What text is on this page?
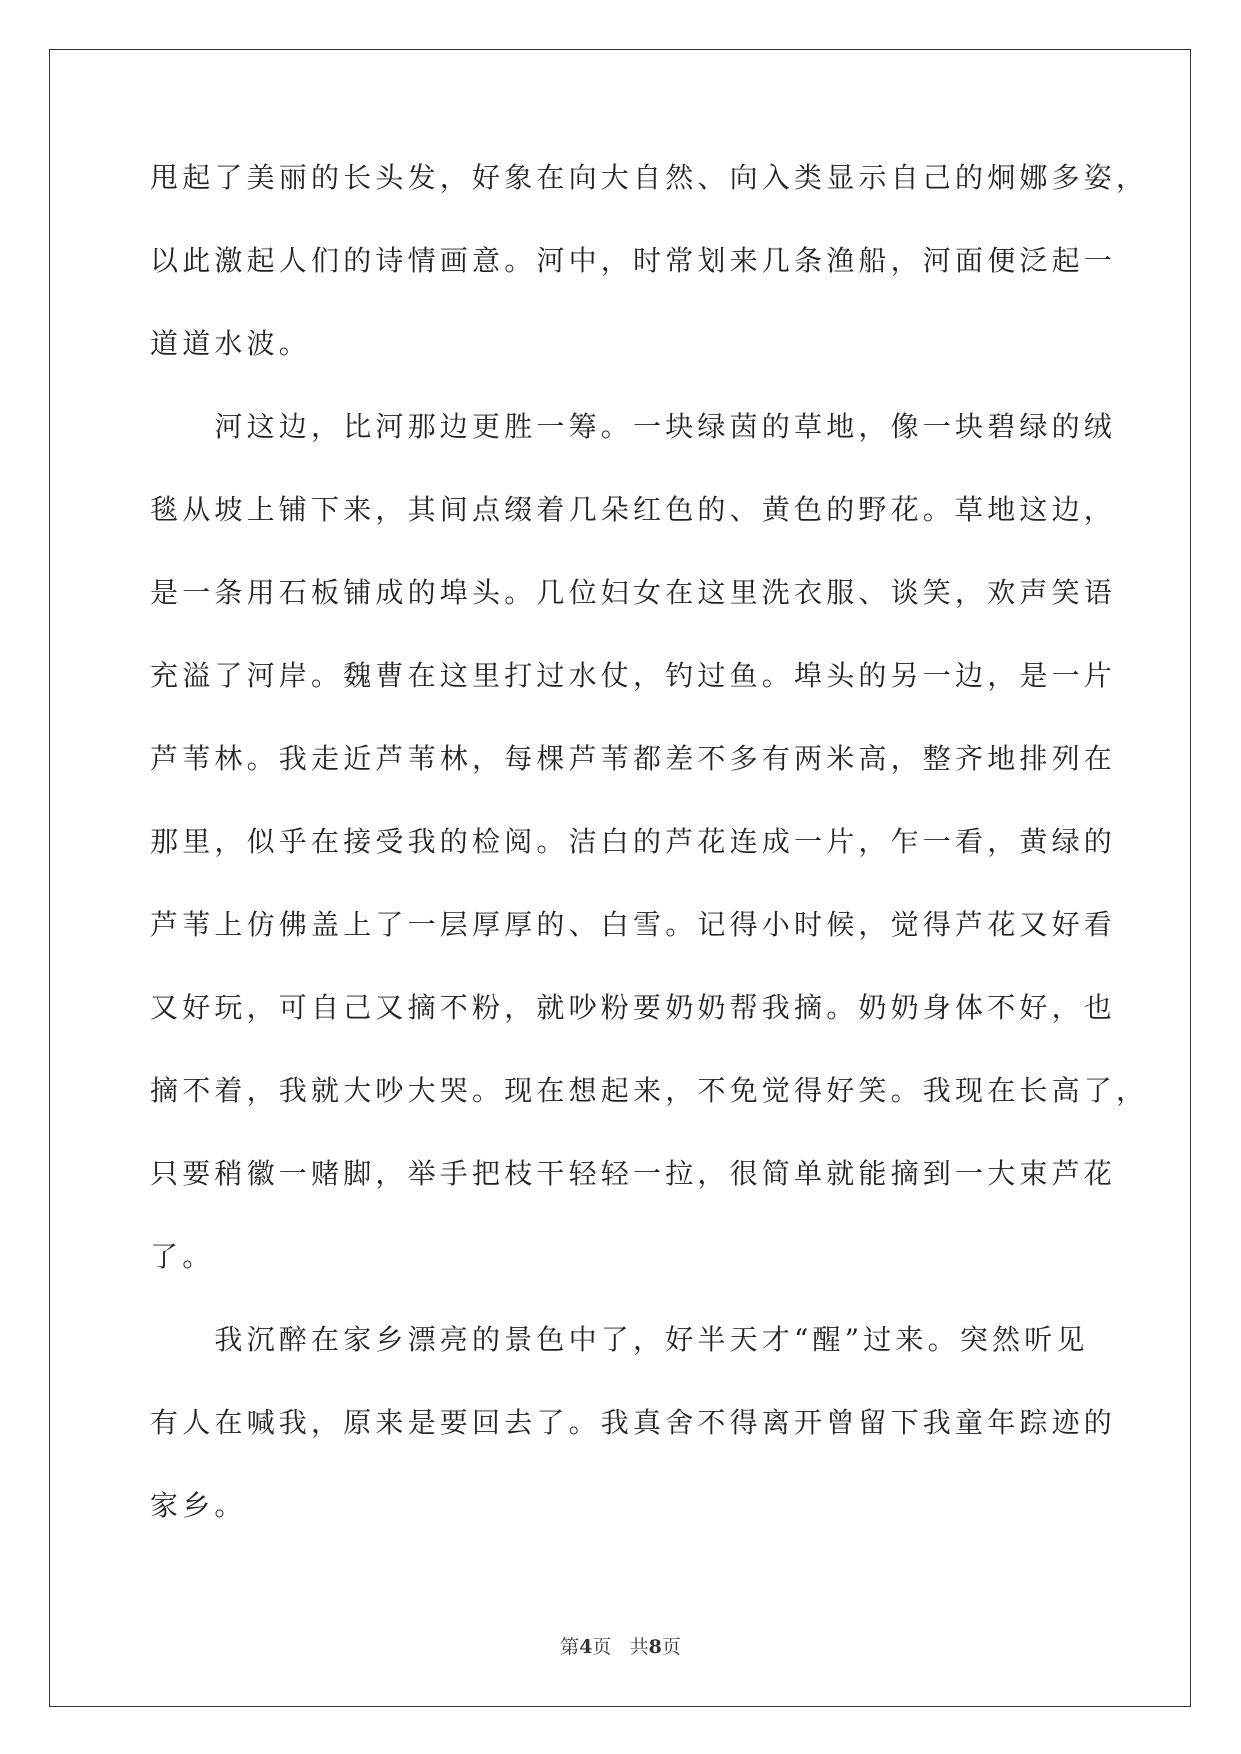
甩起了美丽的长头发，好象在向大自然、向入类显示自己的炯娜多姿，
以此激起人们的诗情画意。河中，时常划来几条渔船，河面便泛起一
道道水波。
　　河这边，比河那边更胜一筹。一块绿茵的草地，像一块碧绿的绒
毯从坡上铺下来，其间点缀着几朵红色的、黄色的野花。草地这边，
是一条用石板铺成的埠头。几位妇女在这里洗衣服、谈笑，欢声笑语
充溢了河岸。魏曹在这里打过水仗，钓过鱼。埠头的另一边，是一片
芦苇林。我走近芦苇林，每棵芦苇都差不多有两米高，整齐地排列在
那里，似乎在接受我的检阅。洁白的芦花连成一片，乍一看，黄绿的
芦苇上仿佛盖上了一层厚厚的、白雪。记得小时候，觉得芦花又好看
又好玩，可自己又摘不粉，就吵粉要奶奶帮我摘。奶奶身体不好，也
摘不着，我就大吵大哭。现在想起来，不免觉得好笑。我现在长高了，
只要稍徽一赌脚，举手把枝干轻轻一拉，很简单就能摘到一大束芦花
了。
　　我沉醉在家乡漂亮的景色中了，好半天才“醒”过来。突然听见
有人在喊我，原来是要回去了。我真舍不得离开曾留下我童年踪迹的
家乡。
第4页 共8页
